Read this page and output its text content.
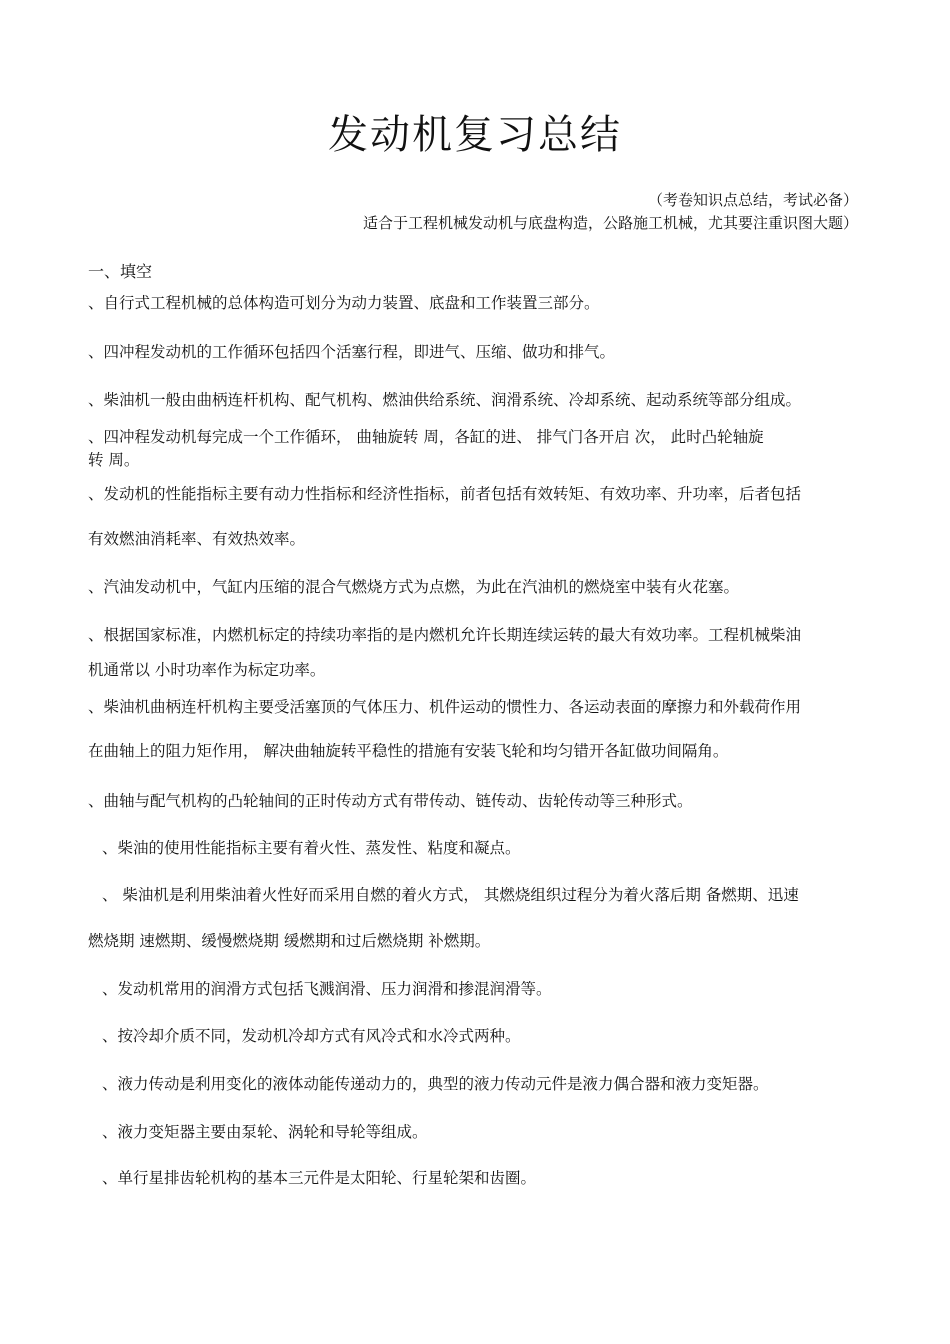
发动机复习总结
（考卷知识点总结，考试必备）
适合于工程机械发动机与底盘构造，公路施工机械，尤其要注重识图大题）
一、填空
、自行式工程机械的总体构造可划分为动力装置、底盘和工作装置三部分。
、四冲程发动机的工作循环包括四个活塞行程，即进气、压缩、做功和排气。
、柴油机一般由曲柄连杆机构、配气机构、燃油供给系统、润滑系统、冷却系统、起动系统等部分组成。
、四冲程发动机每完成一个工作循环， 曲轴旋转 周，各缸的进、 排气门各开启 次， 此时凸轮轴旋
转 周。
、发动机的性能指标主要有动力性指标和经济性指标，前者包括有效转矩、有效功率、升功率，后者包括
有效燃油消耗率、有效热效率。
、汽油发动机中，气缸内压缩的混合气燃烧方式为点燃，为此在汽油机的燃烧室中装有火花塞。
、根据国家标准，内燃机标定的持续功率指的是内燃机允许长期连续运转的最大有效功率。工程机械柴油
机通常以 小时功率作为标定功率。
、柴油机曲柄连杆机构主要受活塞顶的气体压力、机件运动的惯性力、各运动表面的摩擦力和外载荷作用
在曲轴上的阻力矩作用， 解决曲轴旋转平稳性的措施有安装飞轮和均匀错开各缸做功间隔角。
、曲轴与配气机构的凸轮轴间的正时传动方式有带传动、链传动、齿轮传动等三种形式。
、柴油的使用性能指标主要有着火性、蒸发性、粘度和凝点。
、 柴油机是利用柴油着火性好而采用自燃的着火方式， 其燃烧组织过程分为着火落后期 备燃期、迅速
燃烧期 速燃期、缓慢燃烧期 缓燃期和过后燃烧期 补燃期。
、发动机常用的润滑方式包括飞溅润滑、压力润滑和掺混润滑等。
、按冷却介质不同，发动机冷却方式有风冷式和水冷式两种。
、液力传动是利用变化的液体动能传递动力的，典型的液力传动元件是液力偶合器和液力变矩器。
、液力变矩器主要由泵轮、涡轮和导轮等组成。
、单行星排齿轮机构的基本三元件是太阳轮、行星轮架和齿圈。
